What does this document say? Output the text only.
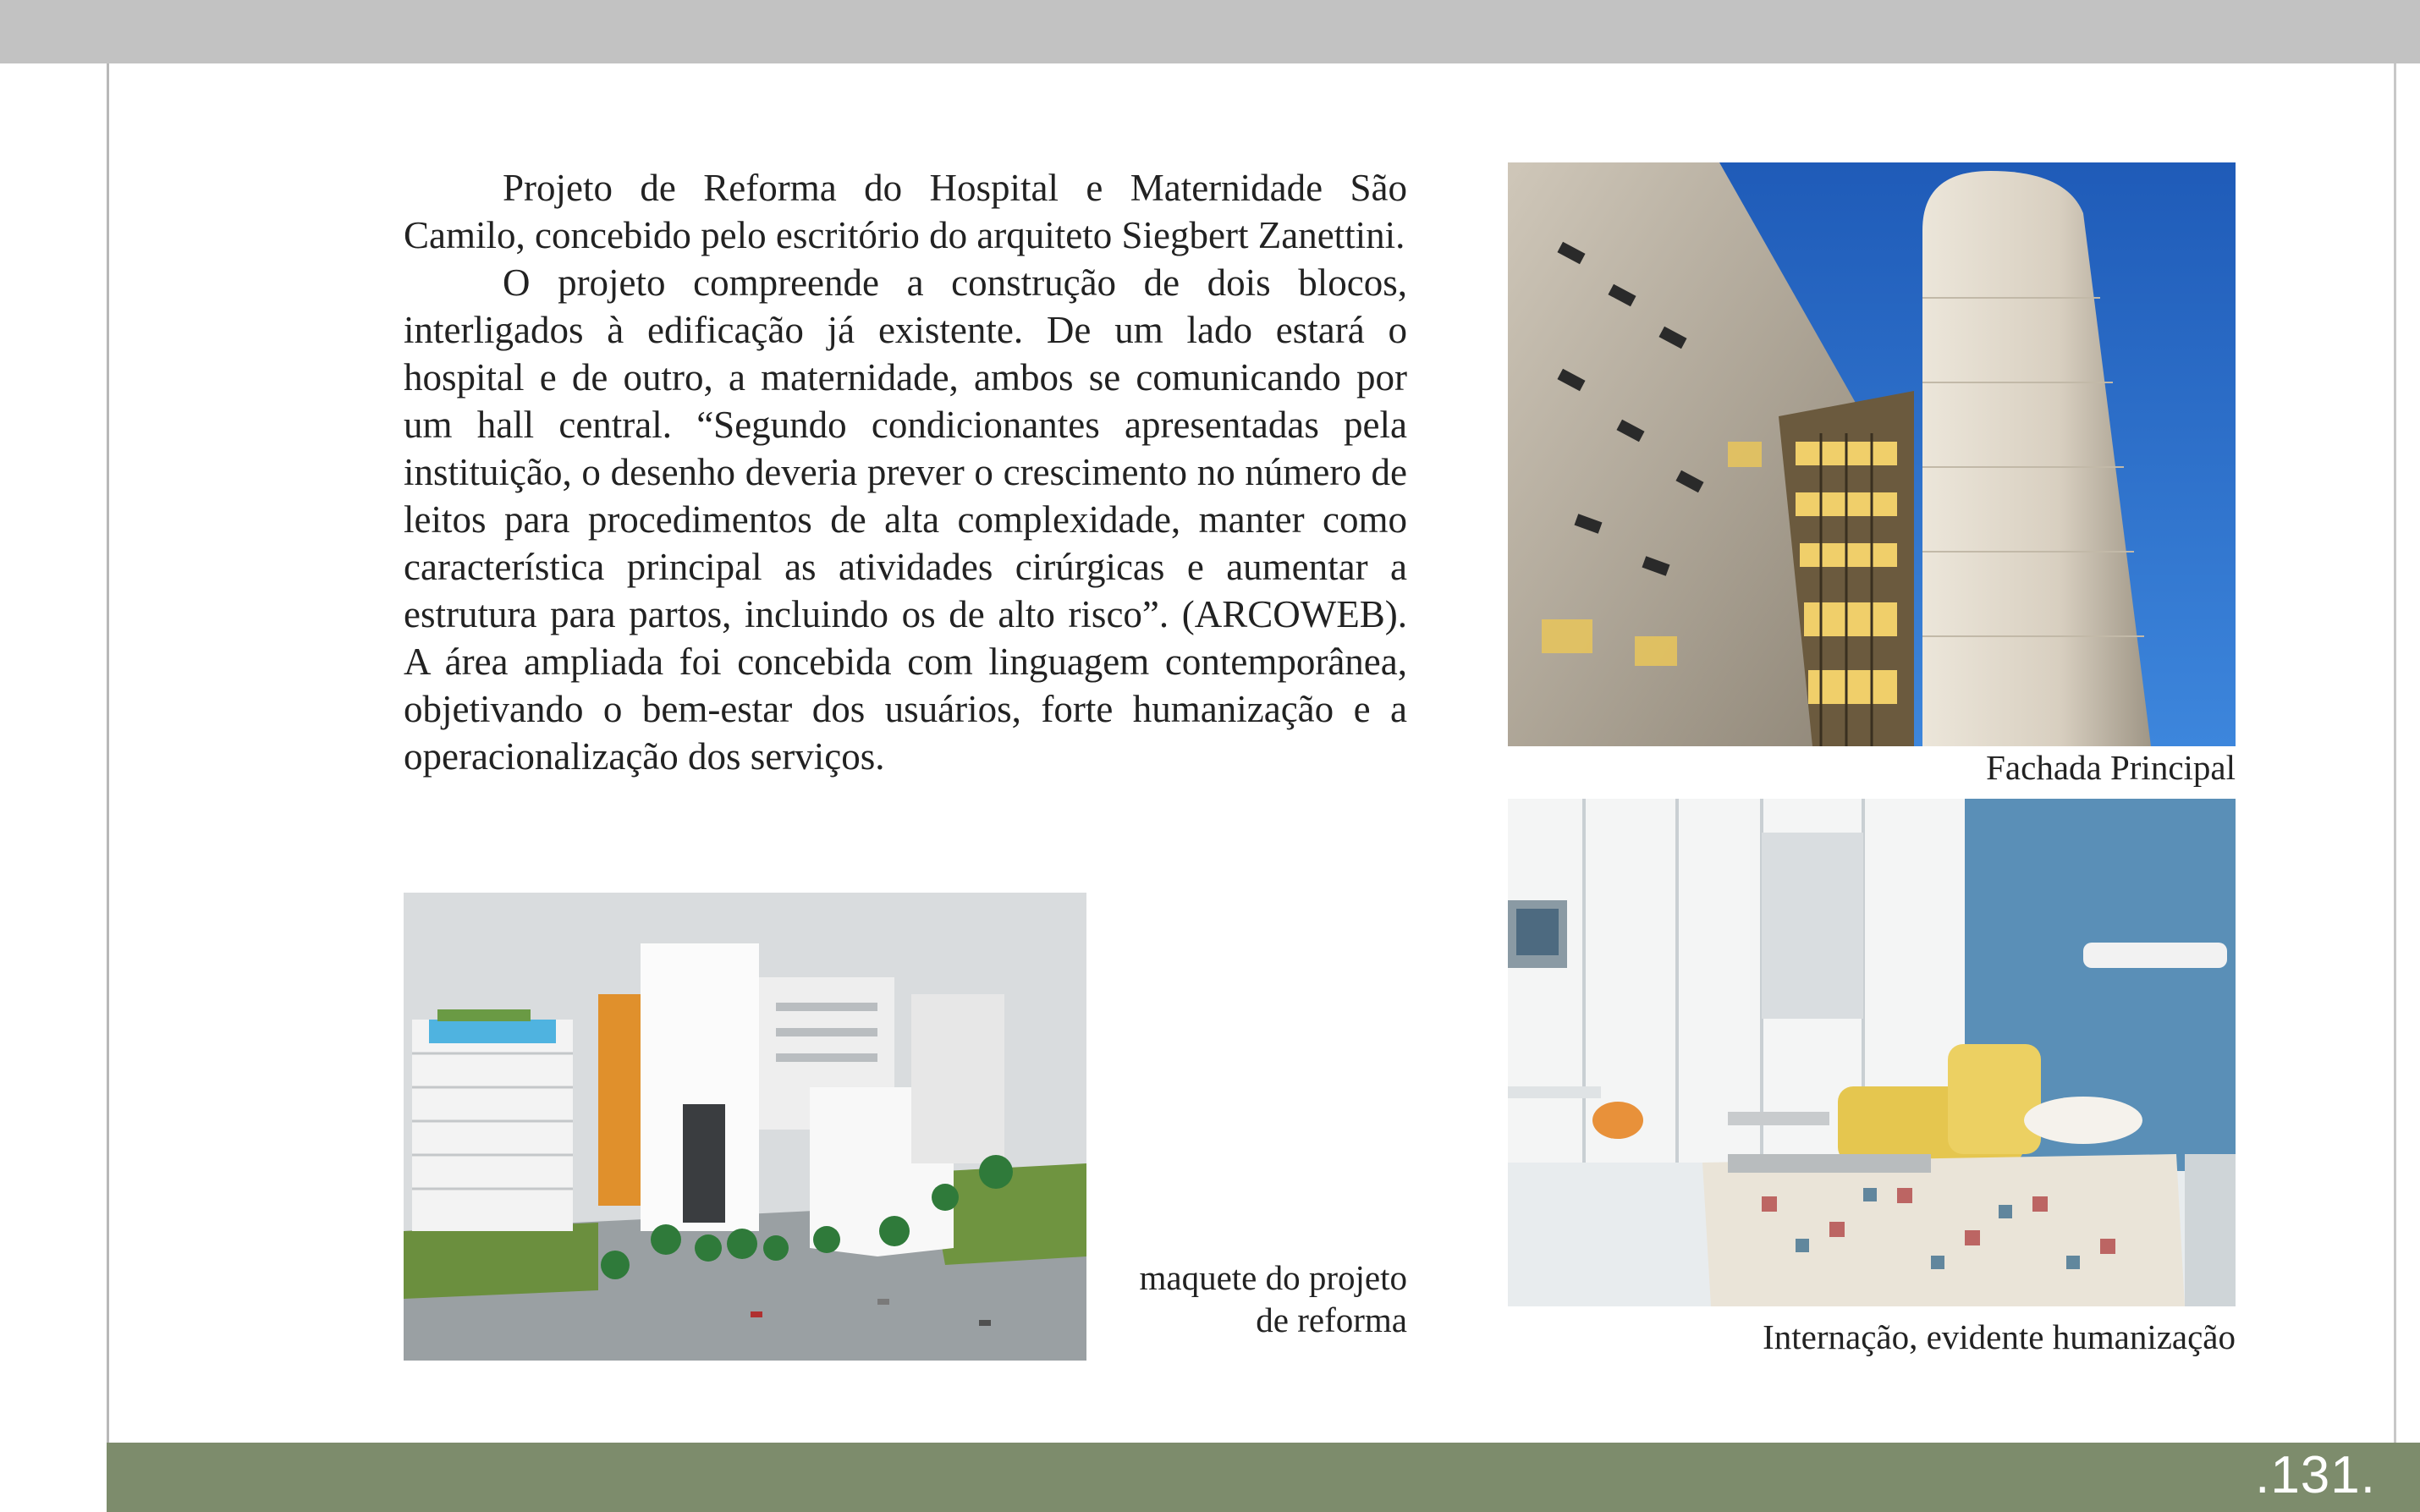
Projeto de Reforma do Hospital e Maternidade São Camilo, concebido pelo escritório do arquiteto Siegbert Zanettini.

O projeto compreende a construção de dois blocos, interligados à edificação já existente. De um lado estará o hospital e de outro, a maternidade, ambos se comunicando por um hall central. “Segundo condicionantes apresentadas pela instituição, o desenho deveria prever o crescimento no número de leitos para procedimentos de alta complexidade, manter como característica principal as atividades cirúrgicas e aumentar a estrutura para partos, incluindo os de alto risco”. (ARCOWEB). A área ampliada foi concebida com linguagem contemporânea, objetivando o bem-estar dos usuários, forte humanização e a operacionalização dos serviços.	Fachada Principal
Internação, evidente humanização
maquete do projeto
de reforma
.131.
